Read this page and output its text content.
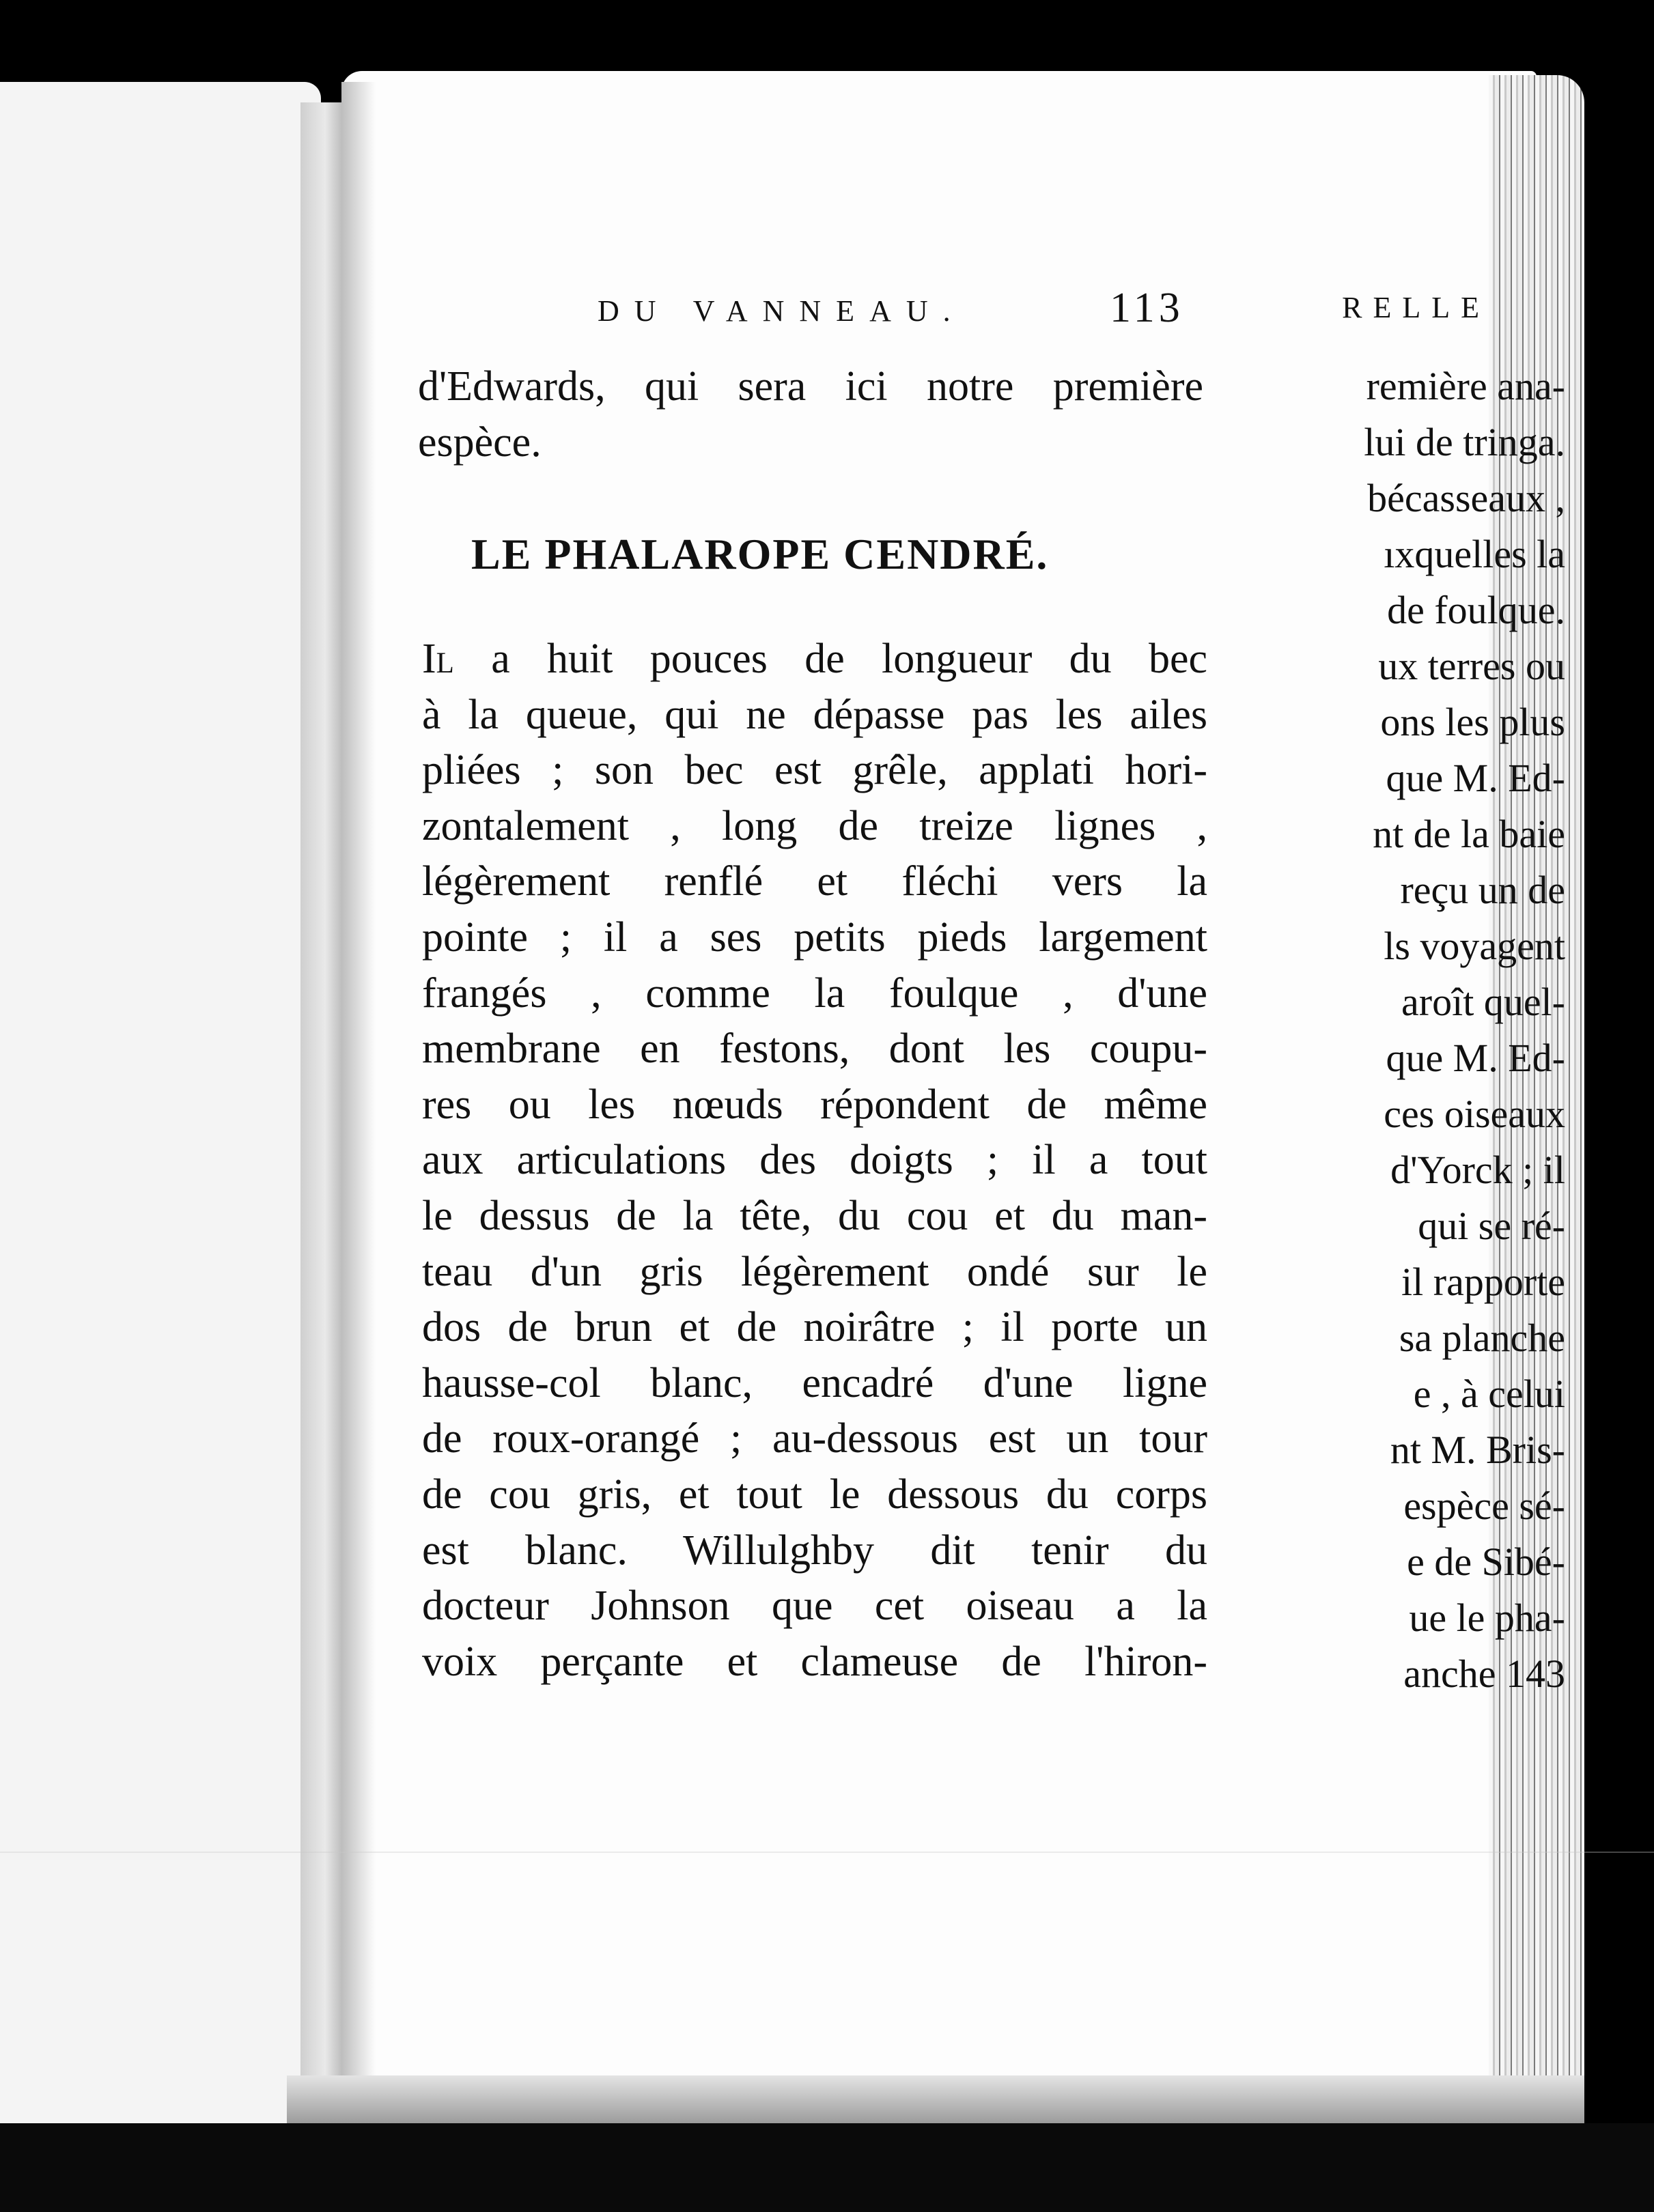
RELLE
remière ana-
lui de tringa.
bécasseaux ,
ıxquelles la
de foulque.
ux terres ou
ons les plus
que M. Ed-
nt de la baie
reçu un de
ls voyagent
aroît quel-
que M. Ed-
ces oiseaux
d'Yorck ; il
qui se ré-
il rapporte
sa planche
e , à celui
nt M. Bris-
espèce sé-
e de Sibé-
ue le pha-
anche 143
DU VANNEAU.	113
d'Edwards, qui sera ici notre première
espèce.
LE PHALAROPE CENDRÉ.
Il a huit pouces de longueur du bec
à la queue, qui ne dépasse pas les ailes
pliées ; son bec est grêle, applati hori-
zontalement , long de treize lignes ,
légèrement renflé et fléchi vers la
pointe ; il a ses petits pieds largement
frangés , comme la foulque , d'une
membrane en festons, dont les coupu-
res ou les nœuds répondent de même
aux articulations des doigts ; il a tout
le dessus de la tête, du cou et du man-
teau d'un gris légèrement ondé sur le
dos de brun et de noirâtre ; il porte un
hausse-col blanc, encadré d'une ligne
de roux-orangé ; au-dessous est un tour
de cou gris, et tout le dessous du corps
est blanc. Willulghby dit tenir du
docteur Johnson que cet oiseau a la
voix perçante et clameuse de l'hiron-
